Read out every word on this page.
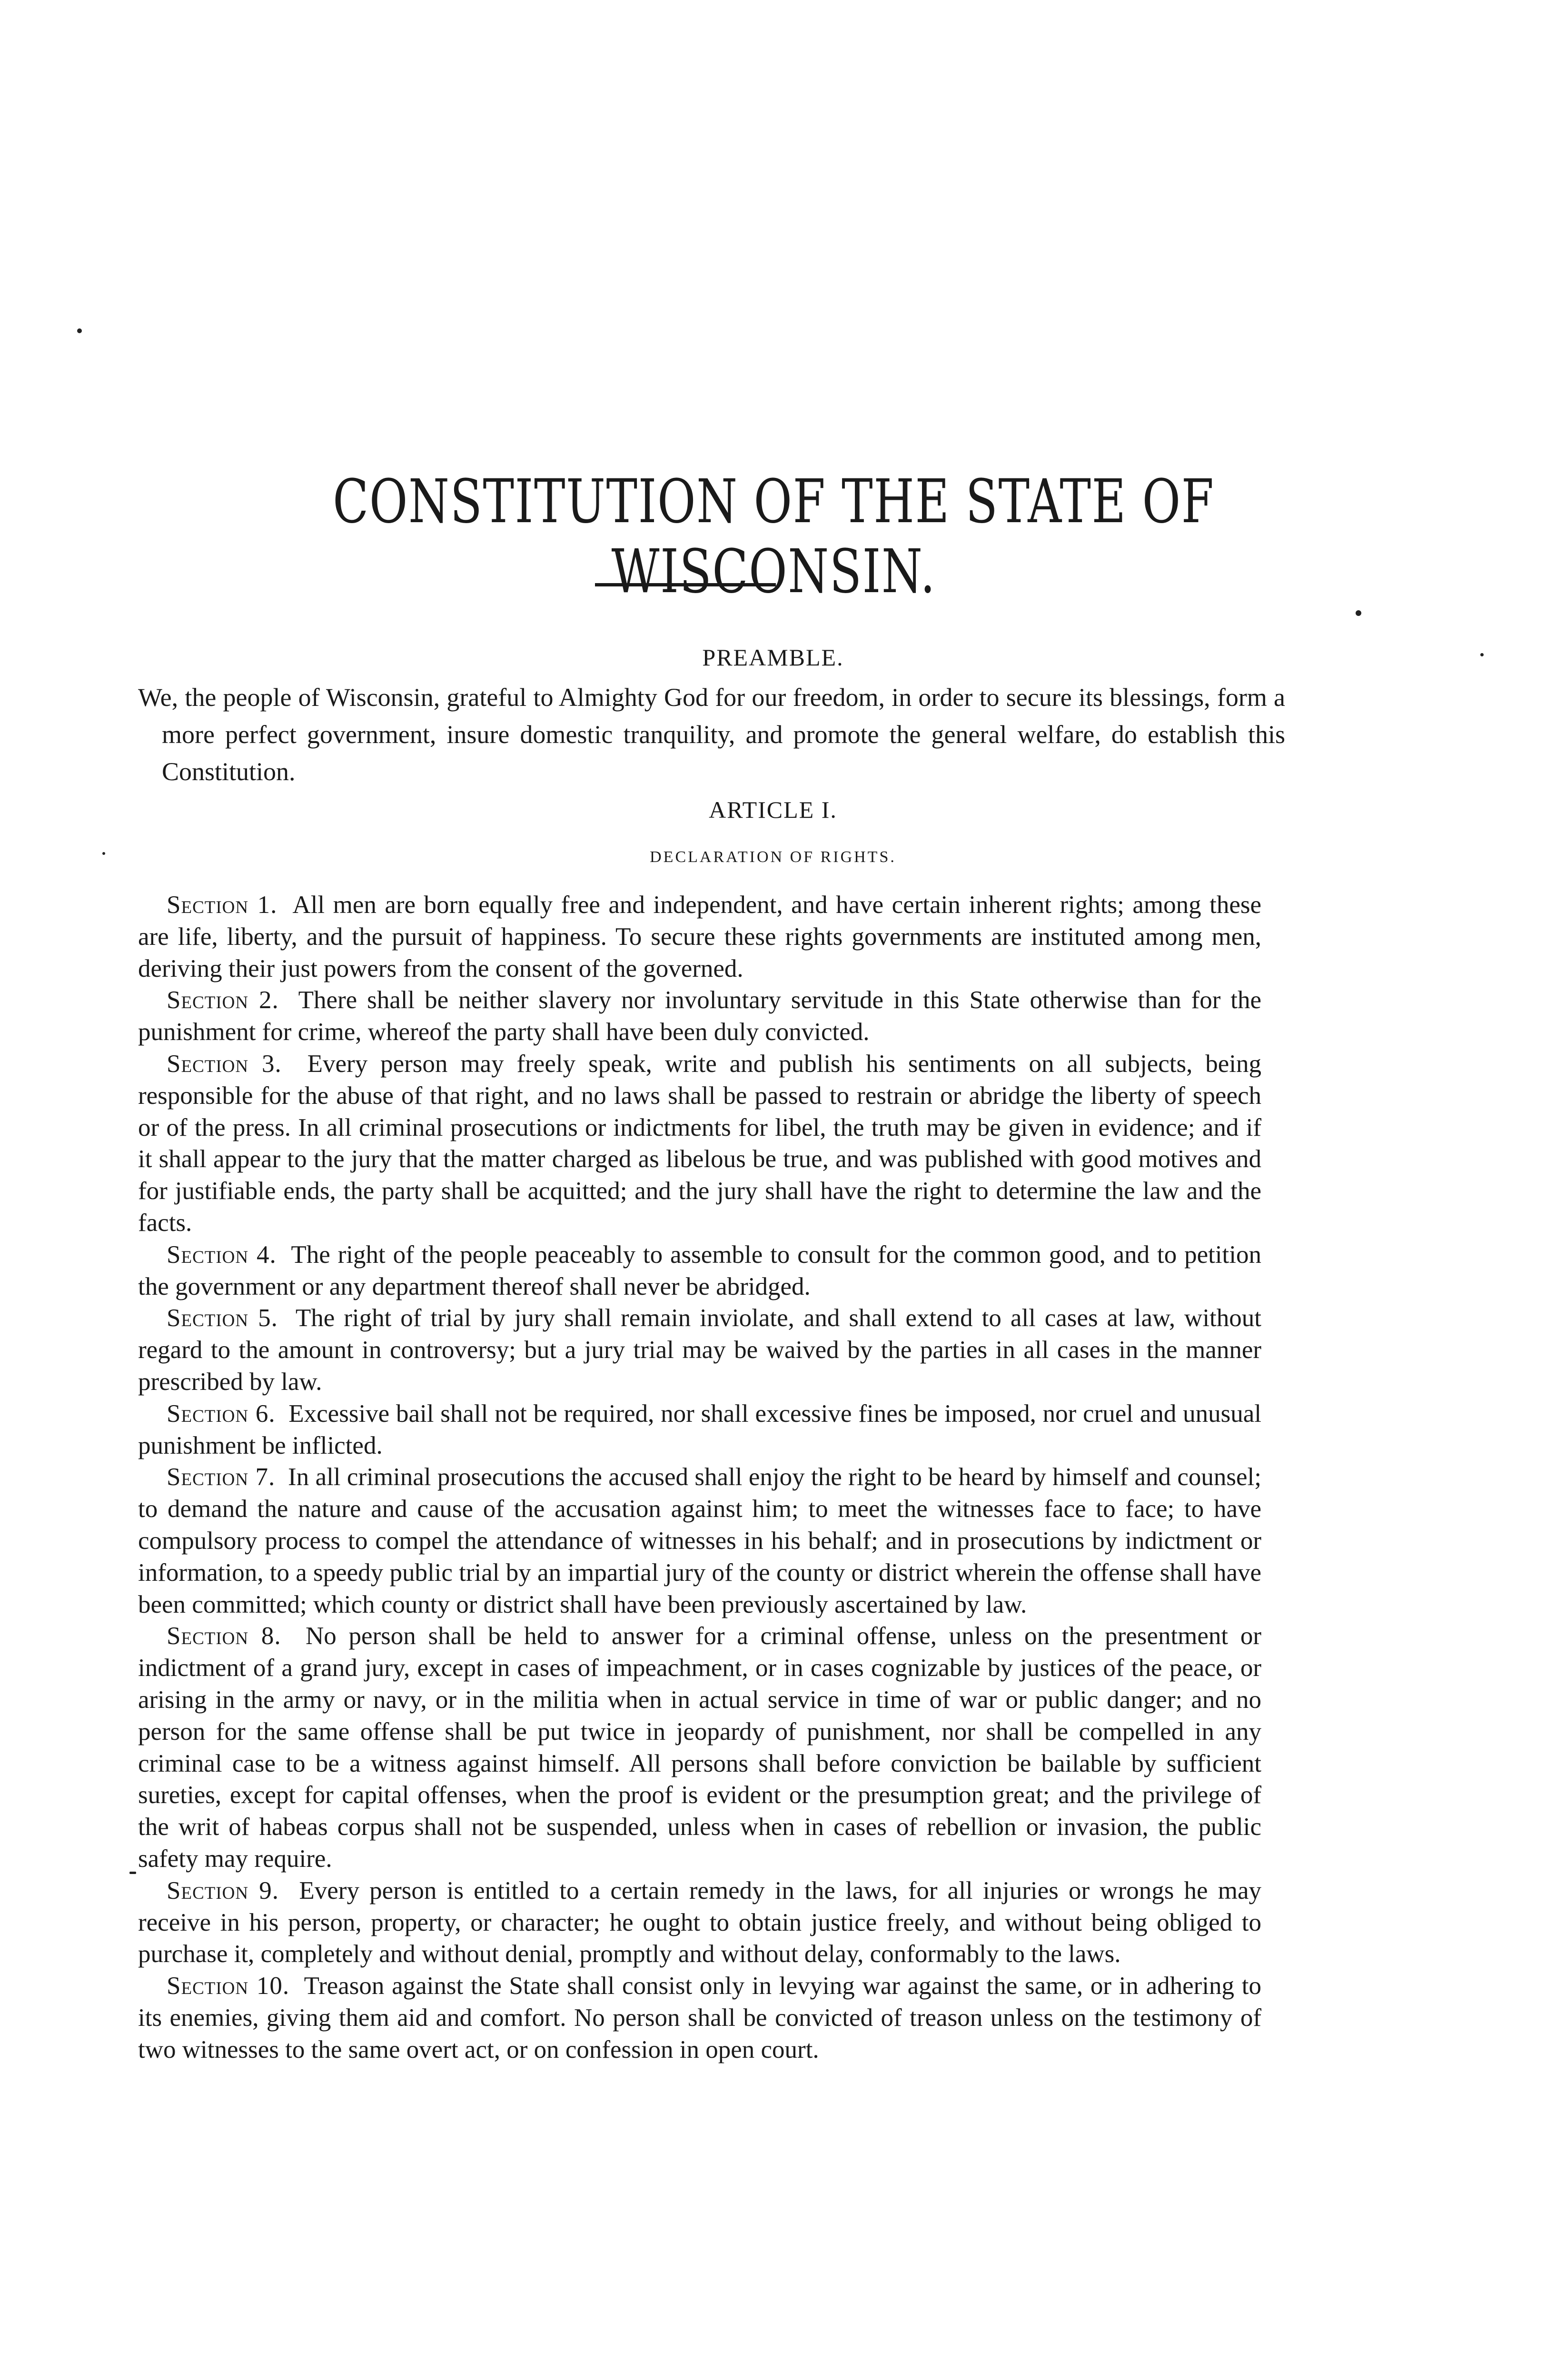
CONSTITUTION OF THE STATE OF WISCONSIN.
PREAMBLE.

We, the people of Wisconsin, grateful to Almighty God for our freedom, in order to secure its blessings, form a more perfect government, insure domestic tranquility, and promote the general welfare, do establish this Constitution.

ARTICLE I.
DECLARATION OF RIGHTS.

Section 1. All men are born equally free and independent, and have certain inherent rights; among these are life, liberty, and the pursuit of happiness. To secure these rights governments are instituted among men, deriving their just powers from the consent of the governed.

Section 2. There shall be neither slavery nor involuntary servitude in this State otherwise than for the punishment for crime, whereof the party shall have been duly convicted.

Section 3. Every person may freely speak, write and publish his sentiments on all subjects, being responsible for the abuse of that right, and no laws shall be passed to restrain or abridge the liberty of speech or of the press. In all criminal prosecutions or indictments for libel, the truth may be given in evidence; and if it shall appear to the jury that the matter charged as libelous be true, and was published with good motives and for justifiable ends, the party shall be acquitted; and the jury shall have the right to determine the law and the facts.

Section 4. The right of the people peaceably to assemble to consult for the common good, and to petition the government or any department thereof shall never be abridged.

Section 5. The right of trial by jury shall remain inviolate, and shall extend to all cases at law, without regard to the amount in controversy; but a jury trial may be waived by the parties in all cases in the manner prescribed by law.

Section 6. Excessive bail shall not be required, nor shall excessive fines be imposed, nor cruel and unusual punishment be inflicted.

Section 7. In all criminal prosecutions the accused shall enjoy the right to be heard by himself and counsel; to demand the nature and cause of the accusation against him; to meet the witnesses face to face; to have compulsory process to compel the attendance of witnesses in his behalf; and in prosecutions by indictment or information, to a speedy public trial by an impartial jury of the county or district wherein the offense shall have been committed; which county or district shall have been previously ascertained by law.

Section 8. No person shall be held to answer for a criminal offense, unless on the presentment or indictment of a grand jury, except in cases of impeachment, or in cases cognizable by justices of the peace, or arising in the army or navy, or in the militia when in actual service in time of war or public danger; and no person for the same offense shall be put twice in jeopardy of punishment, nor shall be compelled in any criminal case to be a witness against himself. All persons shall before conviction be bailable by sufficient sureties, except for capital offenses, when the proof is evident or the presumption great; and the privilege of the writ of habeas corpus shall not be suspended, unless when in cases of rebellion or invasion, the public safety may require.

Section 9. Every person is entitled to a certain remedy in the laws, for all injuries or wrongs he may receive in his person, property, or character; he ought to obtain justice freely, and without being obliged to purchase it, completely and without denial, promptly and without delay, conformably to the laws.

Section 10. Treason against the State shall consist only in levying war against the same, or in adhering to its enemies, giving them aid and comfort. No person shall be convicted of treason unless on the testimony of two witnesses to the same overt act, or on confession in open court.
